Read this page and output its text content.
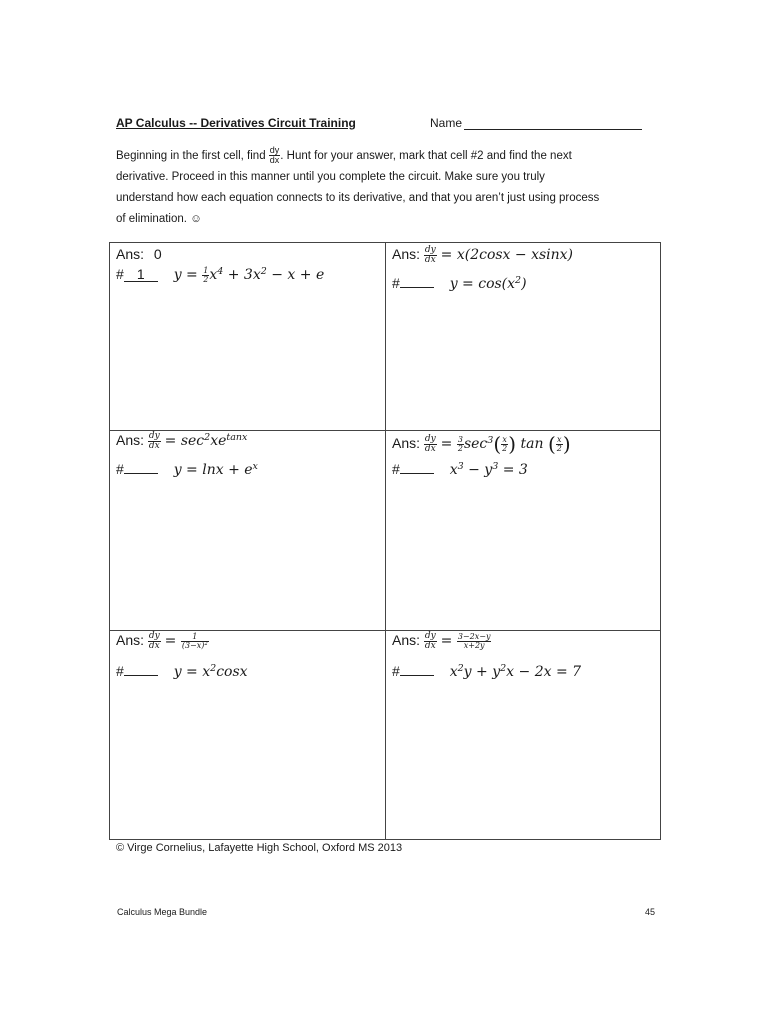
AP Calculus -- Derivatives Circuit Training	Name
Beginning in the first cell, find $\frac{dy}{dx}$ . Hunt for your answer, mark that cell #2 and find the next
derivative. Proceed in this manner until you complete the circuit. Make sure you truly
understand how each equation connects to its derivative, and that you aren’t just using process
of elimination. ☺
Ans: 0
# 1 $y = \frac{1}{2} x^4 + 3x^2 - x + e$
Ans: $\frac{dy}{dx} = x(2\cos x - xsinx)$
#	$y = \cos(x^2)$
Ans: $\frac{dy}{dx} = \sec^2xe^{tanx}$
#	$y = \ln x + e^x$
Ans: $\frac{dy}{dx} = \frac{3}{2} \sec^3( \frac{x}{2}$ ) tan ( $\frac{x}{2}$ )
#	$x^3 - y^3 = 3$
Ans: $\frac{dy}{dx} = \frac{1}{(3-x)^2}$
#	$y = x^2\cos x$
Ans: $\frac{dy}{dx} = \frac{3-2x-y}{x+2y}$
#	$x^2y + y^2x - 2x = 7$
© Virge Cornelius, Lafayette High School, Oxford MS 2013
Calculus Mega Bundle	45
